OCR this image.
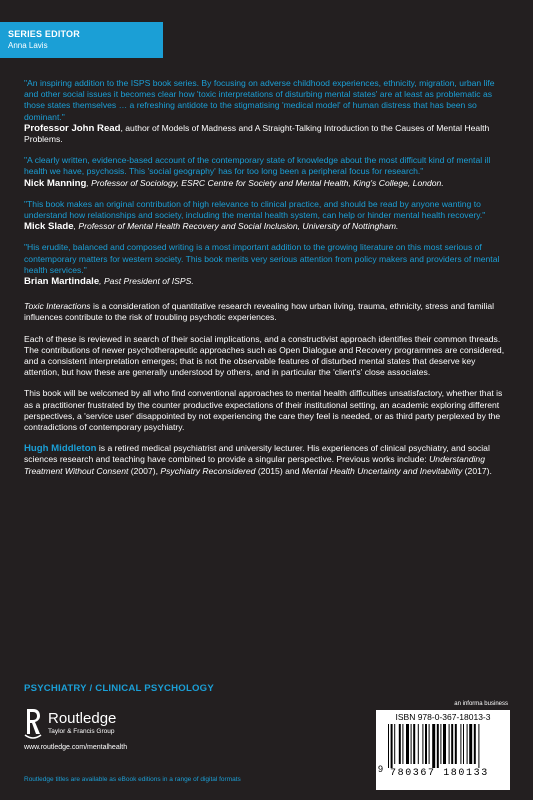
SERIES EDITOR
Anna Lavis

"An inspiring addition to the ISPS book series. By focusing on adverse childhood experiences, ethnicity, migration, urban life and other social issues it becomes clear how 'toxic interpretations of disturbing mental states' are at least as problematic as those states themselves … a refreshing antidote to the stigmatising 'medical model' of human distress that has been so dominant."

Professor John Read, author of Models of Madness and A Straight-Talking Introduction to the Causes of Mental Health Problems.

"A clearly written, evidence-based account of the contemporary state of knowledge about the most difficult kind of mental ill health we have, psychosis. This 'social geography' has for too long been a peripheral focus for research."

Nick Manning, Professor of Sociology, ESRC Centre for Society and Mental Health, King's College, London.

"This book makes an original contribution of high relevance to clinical practice, and should be read by anyone wanting to understand how relationships and society, including the mental health system, can help or hinder mental health recovery."

Mick Slade, Professor of Mental Health Recovery and Social Inclusion, University of Nottingham.

"His erudite, balanced and composed writing is a most important addition to the growing literature on this most serious of contemporary matters for western society. This book merits very serious attention from policy makers and providers of mental health services."

Brian Martindale, Past President of ISPS.

Toxic Interactions is a consideration of quantitative research revealing how urban living, trauma, ethnicity, stress and familial influences contribute to the risk of troubling psychotic experiences.

Each of these is reviewed in search of their social implications, and a constructivist approach identifies their common threads. The contributions of newer psychotherapeutic approaches such as Open Dialogue and Recovery programmes are considered, and a consistent interpretation emerges; that is not the observable features of disturbed mental states that deserve key attention, but how these are generally understood by others, and in particular the 'client's' close associates.

This book will be welcomed by all who find conventional approaches to mental health difficulties unsatisfactory, whether that is as a practitioner frustrated by the counter productive expectations of their institutional setting, an academic exploring different perspectives, a 'service user' disappointed by not experiencing the care they feel is needed, or as third party perplexed by the contradictions of contemporary psychiatry.

Hugh Middleton is a retired medical psychiatrist and university lecturer. His experiences of clinical psychiatry, and social sciences research and teaching have combined to provide a singular perspective. Previous works include: Understanding Treatment Without Consent (2007), Psychiatry Reconsidered (2015) and Mental Health Uncertainty and Inevitability (2017).

PSYCHIATRY / CLINICAL PSYCHOLOGY
Routledge
Taylor & Francis Group
www.routledge.com/mentalhealth
Routledge titles are available as eBook editions in a range of digital formats
an informa business
ISBN 978-0-367-18013-3
9 780367 180133
